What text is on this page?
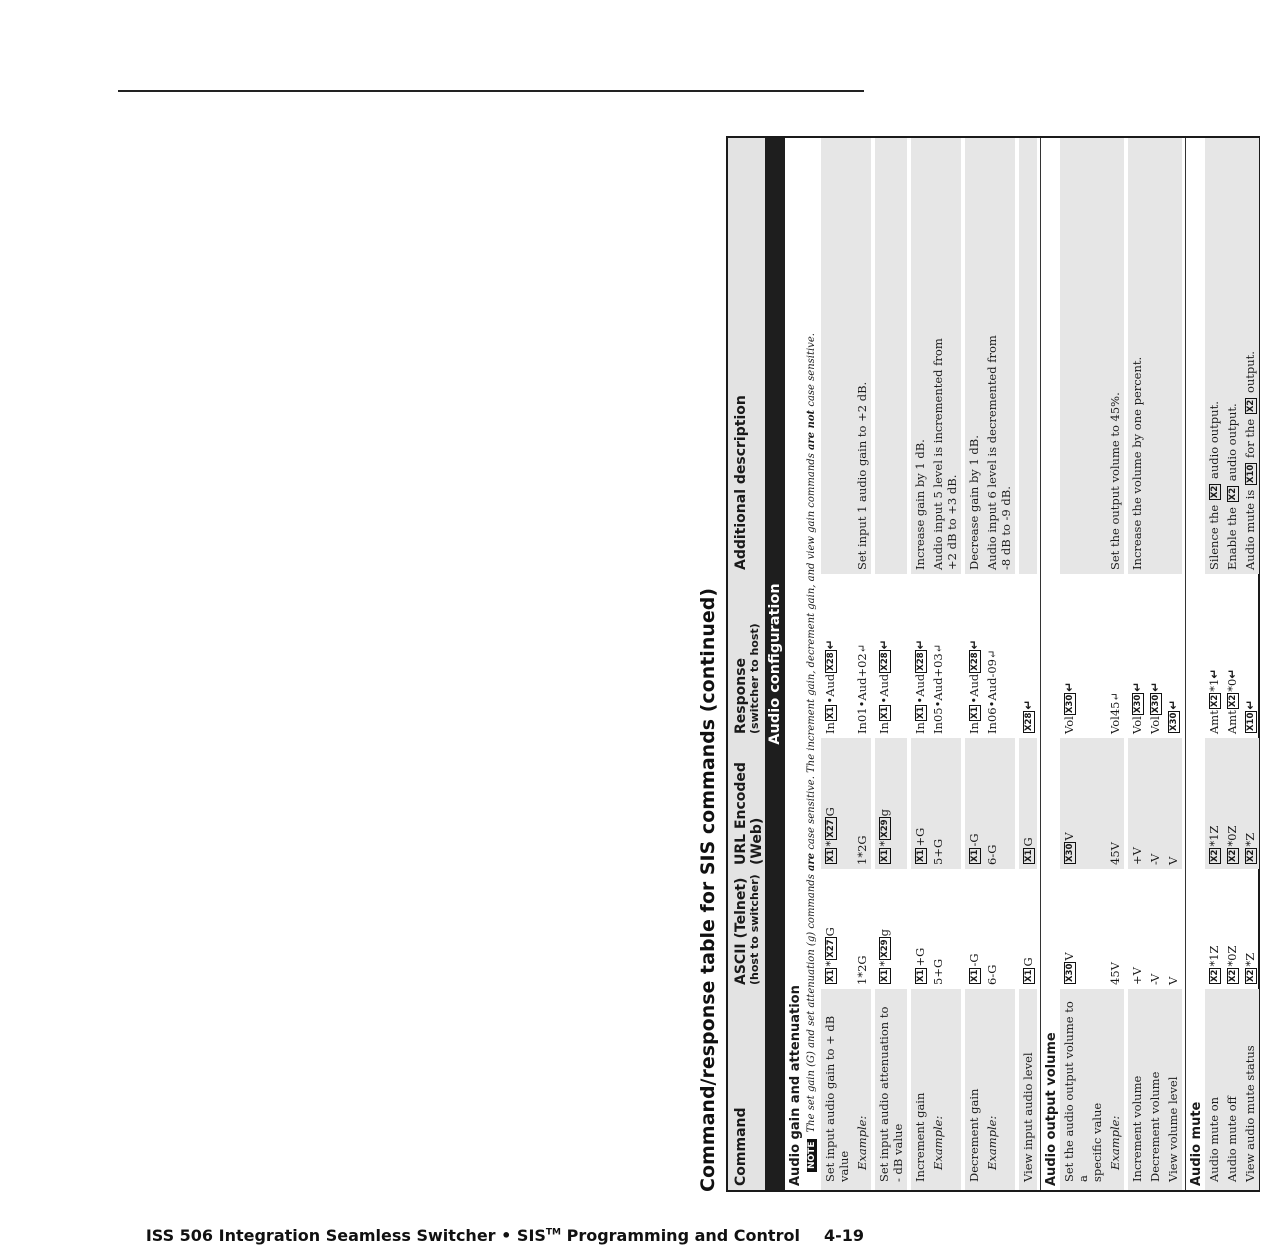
Command/response table for SIS commands (continued)	Command
ASCII (Telnet) (host to switcher)
URL Encoded (Web)
Response (switcher to host)
Additional description
Audio configuration
Audio gain and attenuation NOTEThe set gain (G) and set attenuation (g) commands are case sensitive. The increment gain, decrement gain, and view gain commands are not case sensitive.
Set input audio gain to + dB value
X1*X27G
X1*X27G
InX1•AudX28↵
Example:
1*2G
1*2G
In01•Aud+02↵
Set input 1 audio gain to +2 dB.
Set input audio attenuation to
- dB value
X1*X29g
X1*X29g
InX1•AudX28↵
Increment gain
X1+G
X1+G
InX1•AudX28↵
Increase gain by 1 dB.
Example:
5+G
5+G
In05•Aud+03↵
Audio input 5 level is incremented from
+2 dB to +3 dB.
Decrement gain
X1-G
X1-G
InX1•AudX28↵
Decrease gain by 1 dB.
Example:
6-G
6-G
In06•Aud-09↵
Audio input 6 level is decremented from
-8 dB to -9 dB.
View input audio level
X1G
X1G
X28↵
Audio output volume Set the audio output volume to a
specific value
X30V
X30V
VolX30↵
Example:
45V
45V
Vol45↵
Set the output volume to 45%.
Increment volume
+V
+V
VolX30↵
Increase the volume by one percent.
Decrement volume
-V
-V
VolX30↵
View volume level
V
V
X30↵
Audio mute Audio mute on
X2*1Z
X2*1Z
AmtX2*1↵
Silence the X2 audio output.
Audio mute off
X2*0Z
X2*0Z
AmtX2*0↵
Enable the X2 audio output.
View audio mute status
X2*Z
X2*Z
X10↵
Audio mute is X10 for the X2 output.
ISS 506 Integration Seamless Switcher • SIS™ Programming and Control 4-19
